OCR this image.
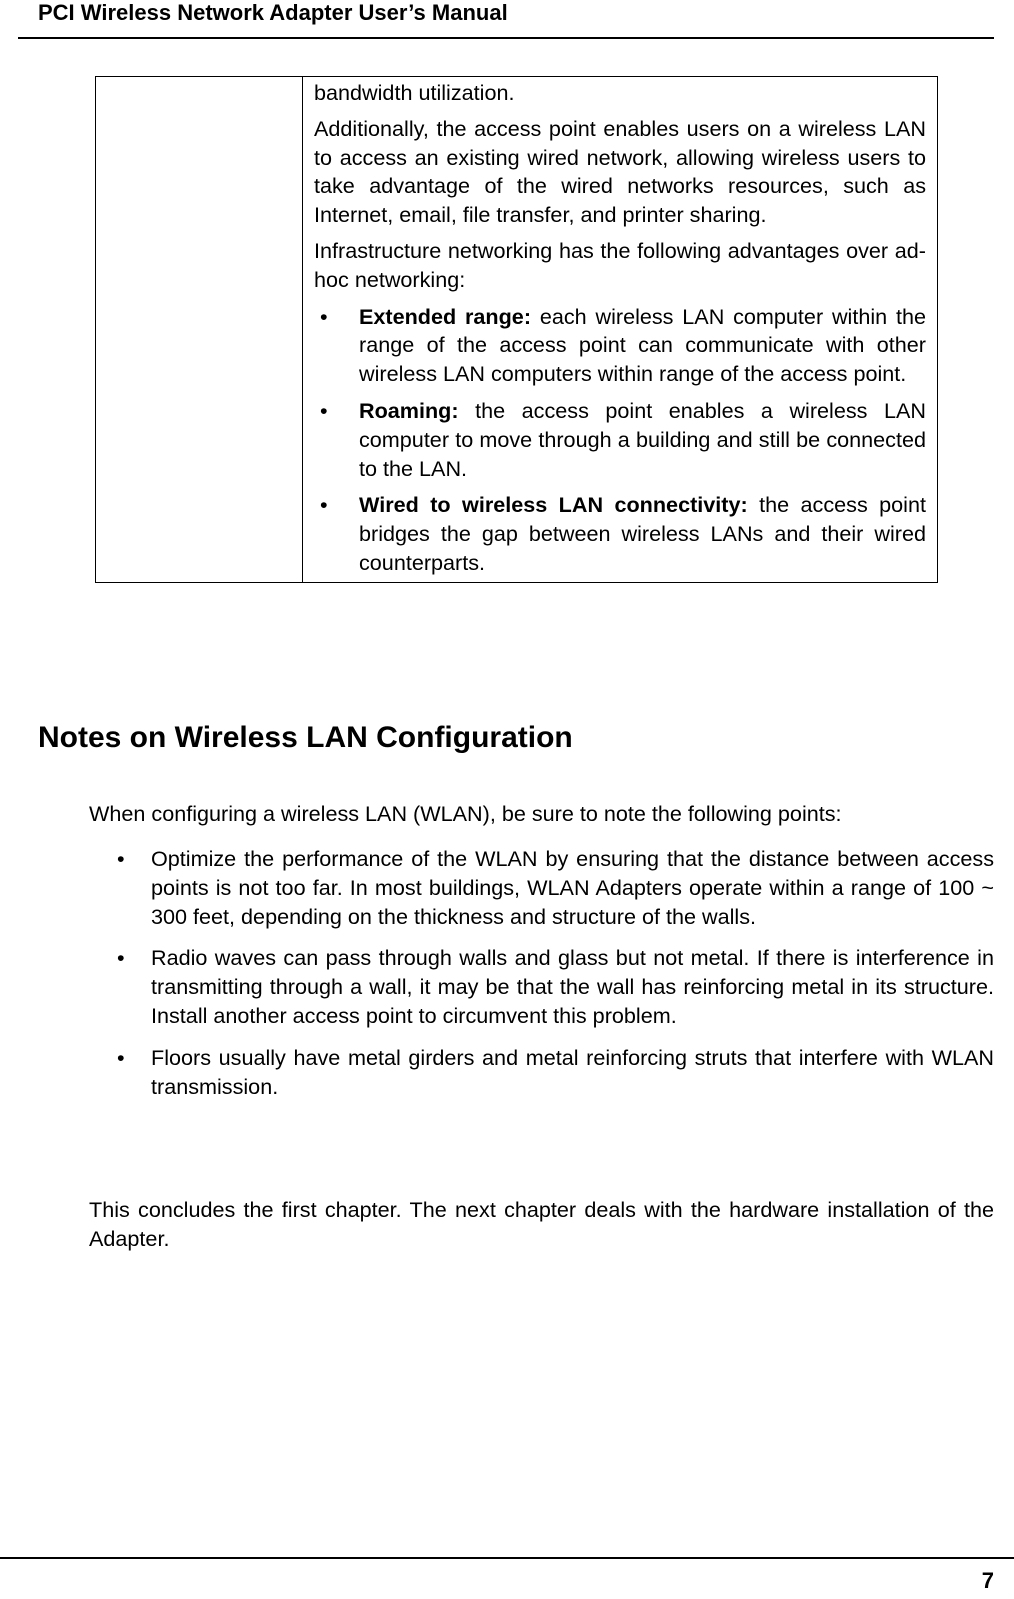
PCI Wireless Network Adapter User’s Manual

bandwidth utilization.

Additionally, the access point enables users on a wireless LAN to access an existing wired network, allowing wireless users to take advantage of the wired networks resources, such as Internet, email, file transfer, and printer sharing.

Infrastructure networking has the following advantages over ad-hoc networking:

• Extended range: each wireless LAN computer within the range of the access point can communicate with other wireless LAN computers within range of the access point.
• Roaming: the access point enables a wireless LAN computer to move through a building and still be connected to the LAN.
• Wired to wireless LAN connectivity: the access point bridges the gap between wireless LANs and their wired counterparts.
Notes on Wireless LAN Configuration

When configuring a wireless LAN (WLAN), be sure to note the following points:

• Optimize the performance of the WLAN by ensuring that the distance between access points is not too far. In most buildings, WLAN Adapters operate within a range of 100 ~ 300 feet, depending on the thickness and structure of the walls.
• Radio waves can pass through walls and glass but not metal. If there is interference in transmitting through a wall, it may be that the wall has reinforcing metal in its structure. Install another access point to circumvent this problem.
• Floors usually have metal girders and metal reinforcing struts that interfere with WLAN transmission.

This concludes the first chapter. The next chapter deals with the hardware installation of the Adapter.

7
